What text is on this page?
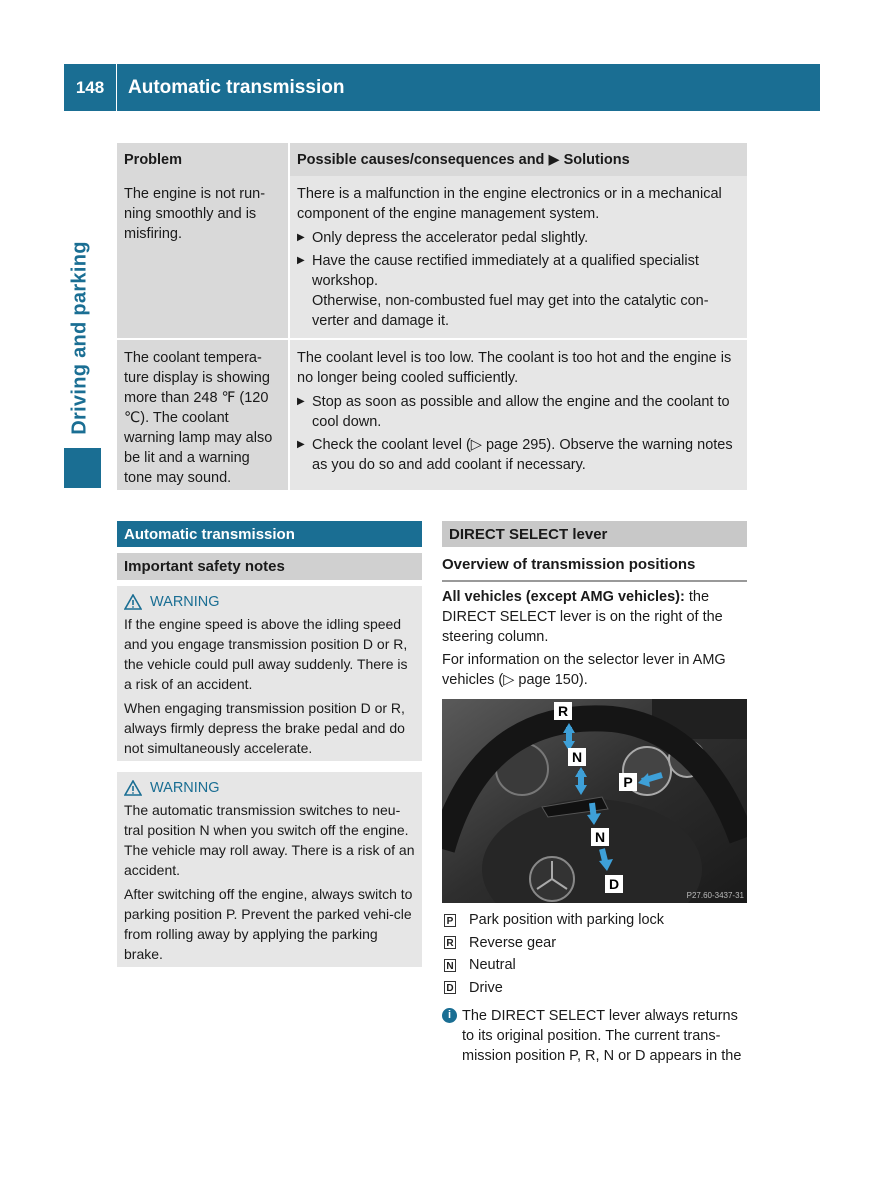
148	Automatic transmission
Driving and parking
Problem	Possible causes/consequences and ▶ Solutions
The engine is not run-ning smoothly and is misfiring.

There is a malfunction in the engine electronics or in a mechanical component of the engine management system.

▶ Only depress the accelerator pedal slightly.
▶ Have the cause rectified immediately at a qualified specialist workshop.
Otherwise, non-combusted fuel may get into the catalytic con-verter and damage it.
The coolant tempera-ture display is showing more than 248 ℉ (120 ℃). The coolant warning lamp may also be lit and a warning tone may sound.

The coolant level is too low. The coolant is too hot and the engine is no longer being cooled sufficiently.

▶ Stop as soon as possible and allow the engine and the coolant to cool down.
▶ Check the coolant level (▷ page 295). Observe the warning notes as you do so and add coolant if necessary.
Automatic transmission
Important safety notes
WARNING

If the engine speed is above the idling speed and you engage transmission position D or R, the vehicle could pull away suddenly. There is a risk of an accident.

When engaging transmission position D or R, always firmly depress the brake pedal and do not simultaneously accelerate.

WARNING

The automatic transmission switches to neu-tral position N when you switch off the engine. The vehicle may roll away. There is a risk of an accident.

After switching off the engine, always switch to parking position P. Prevent the parked vehi-cle from rolling away by applying the parking brake.

DIRECT SELECT lever
Overview of transmission positions

All vehicles (except AMG vehicles): the DIRECT SELECT lever is on the right of the steering column.

For information on the selector lever in AMG vehicles (▷ page 150).

R
N
P
N
D
P27.60-3437-31
P Park position with parking lock
R Reverse gear
N Neutral
D Drive
i The DIRECT SELECT lever always returns to its original position. The current trans-mission position P, R, N or D appears in the
